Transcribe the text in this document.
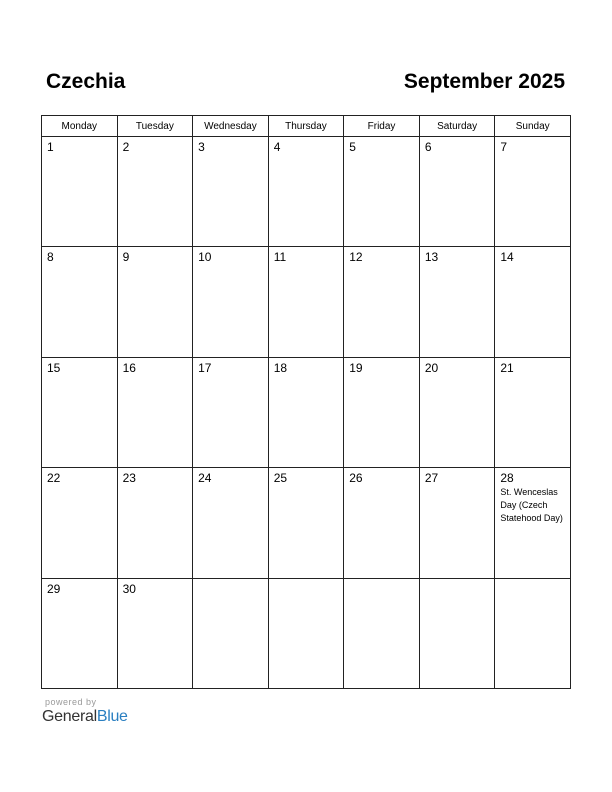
Czechia	September 2025
Monday	Tuesday	Wednesday	Thursday	Friday	Saturday	Sunday

1	2	3	4	5	6	7

8	9	10	11	12	13	14

15	16	17	18	19	20	21

22	23	24	25	26	27	28
St. Wenceslas Day (Czech Statehood Day)

29	30					

powered by
GeneralBlue
